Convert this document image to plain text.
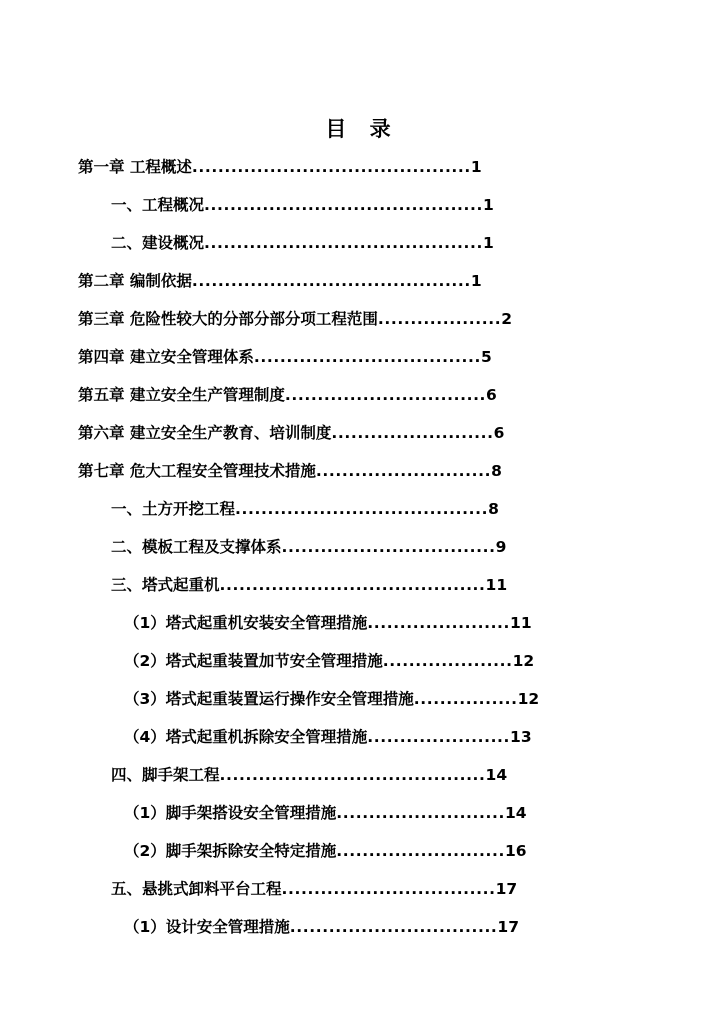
目 录
第一章 工程概述...........................................1
一、工程概况...........................................1
二、建设概况...........................................1
第二章 编制依据...........................................1
第三章 危险性较大的分部分部分项工程范围...................2
第四章 建立安全管理体系...................................5
第五章 建立安全生产管理制度...............................6
第六章 建立安全生产教育、培训制度.........................6
第七章 危大工程安全管理技术措施...........................8
一、土方开挖工程.......................................8
二、模板工程及支撑体系.................................9
三、塔式起重机.........................................11
（1）塔式起重机安装安全管理措施......................11
（2）塔式起重装置加节安全管理措施....................12
（3）塔式起重装置运行操作安全管理措施................12
（4）塔式起重机拆除安全管理措施......................13
四、脚手架工程.........................................14
（1）脚手架搭设安全管理措施..........................14
（2）脚手架拆除安全特定措施..........................16
五、悬挑式卸料平台工程.................................17
（1）设计安全管理措施................................17
